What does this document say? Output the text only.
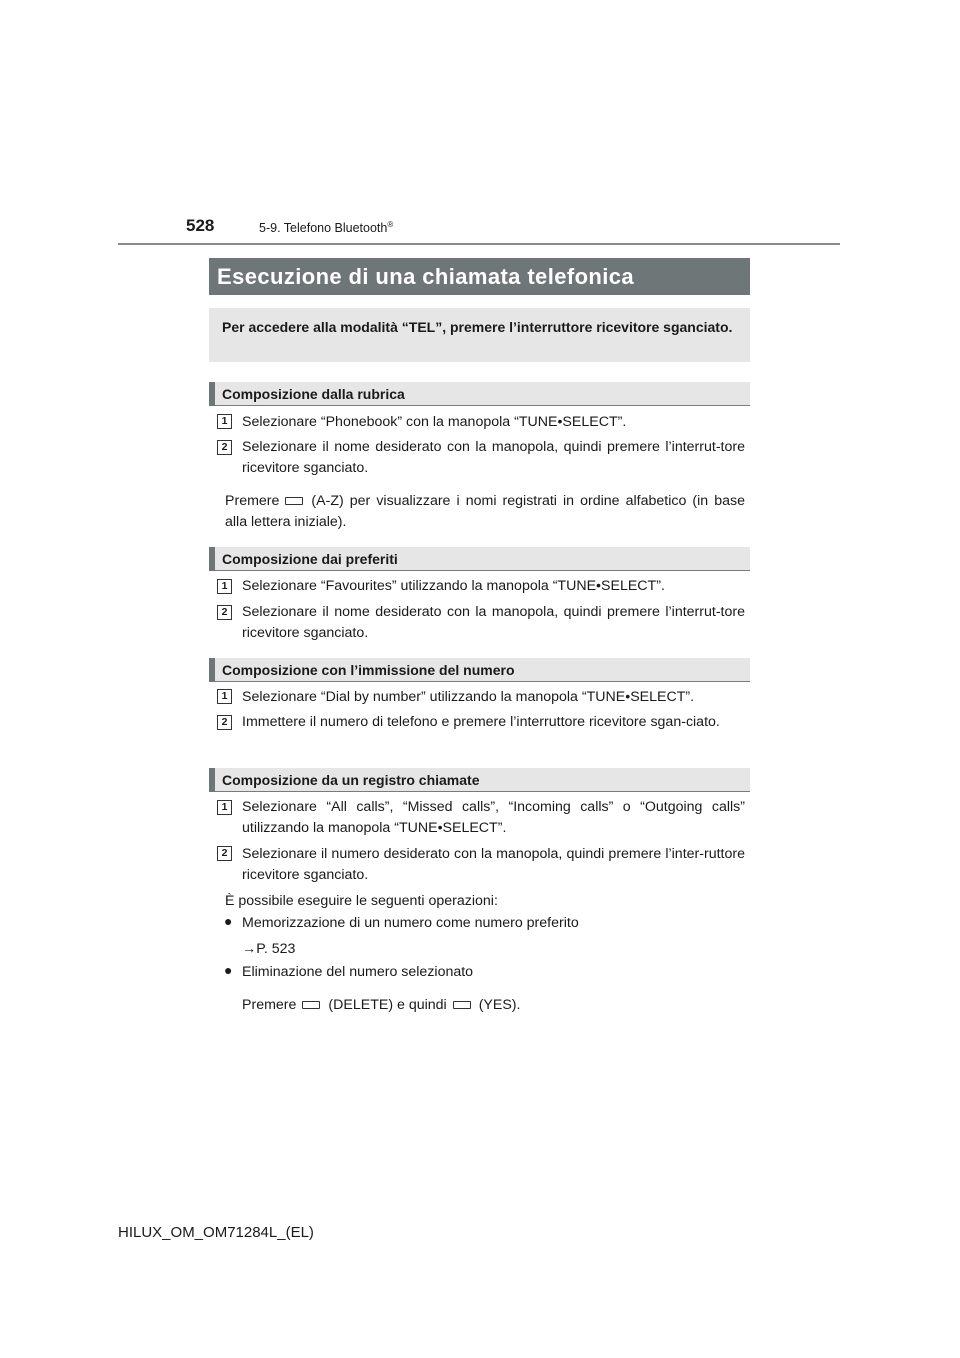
528	5-9. Telefono Bluetooth®
Esecuzione di una chiamata telefonica
Per accedere alla modalità “TEL”, premere l’interruttore ricevitore sganciato.
Composizione dalla rubrica
1	Selezionare “Phonebook” con la manopola “TUNE•SELECT”.
2	Selezionare il nome desiderato con la manopola, quindi premere l’interrut-tore ricevitore sganciato.
Premere (A-Z) per visualizzare i nomi registrati in ordine alfabetico (in base alla lettera iniziale).
Composizione dai preferiti
1	Selezionare “Favourites” utilizzando la manopola “TUNE•SELECT”.
2	Selezionare il nome desiderato con la manopola, quindi premere l’interrut-tore ricevitore sganciato.
Composizione con l’immissione del numero
1	Selezionare “Dial by number” utilizzando la manopola “TUNE•SELECT”.
2	Immettere il numero di telefono e premere l’interruttore ricevitore sgan-ciato.
Composizione da un registro chiamate
1	Selezionare “All calls”, “Missed calls”, “Incoming calls” o “Outgoing calls” utilizzando la manopola “TUNE•SELECT”.
2	Selezionare il numero desiderato con la manopola, quindi premere l’inter-ruttore ricevitore sganciato.
È possibile eseguire le seguenti operazioni:
● Memorizzazione di un numero come numero preferito
→P. 523
● Eliminazione del numero selezionato
Premere (DELETE) e quindi (YES).
HILUX_OM_OM71284L_(EL)
